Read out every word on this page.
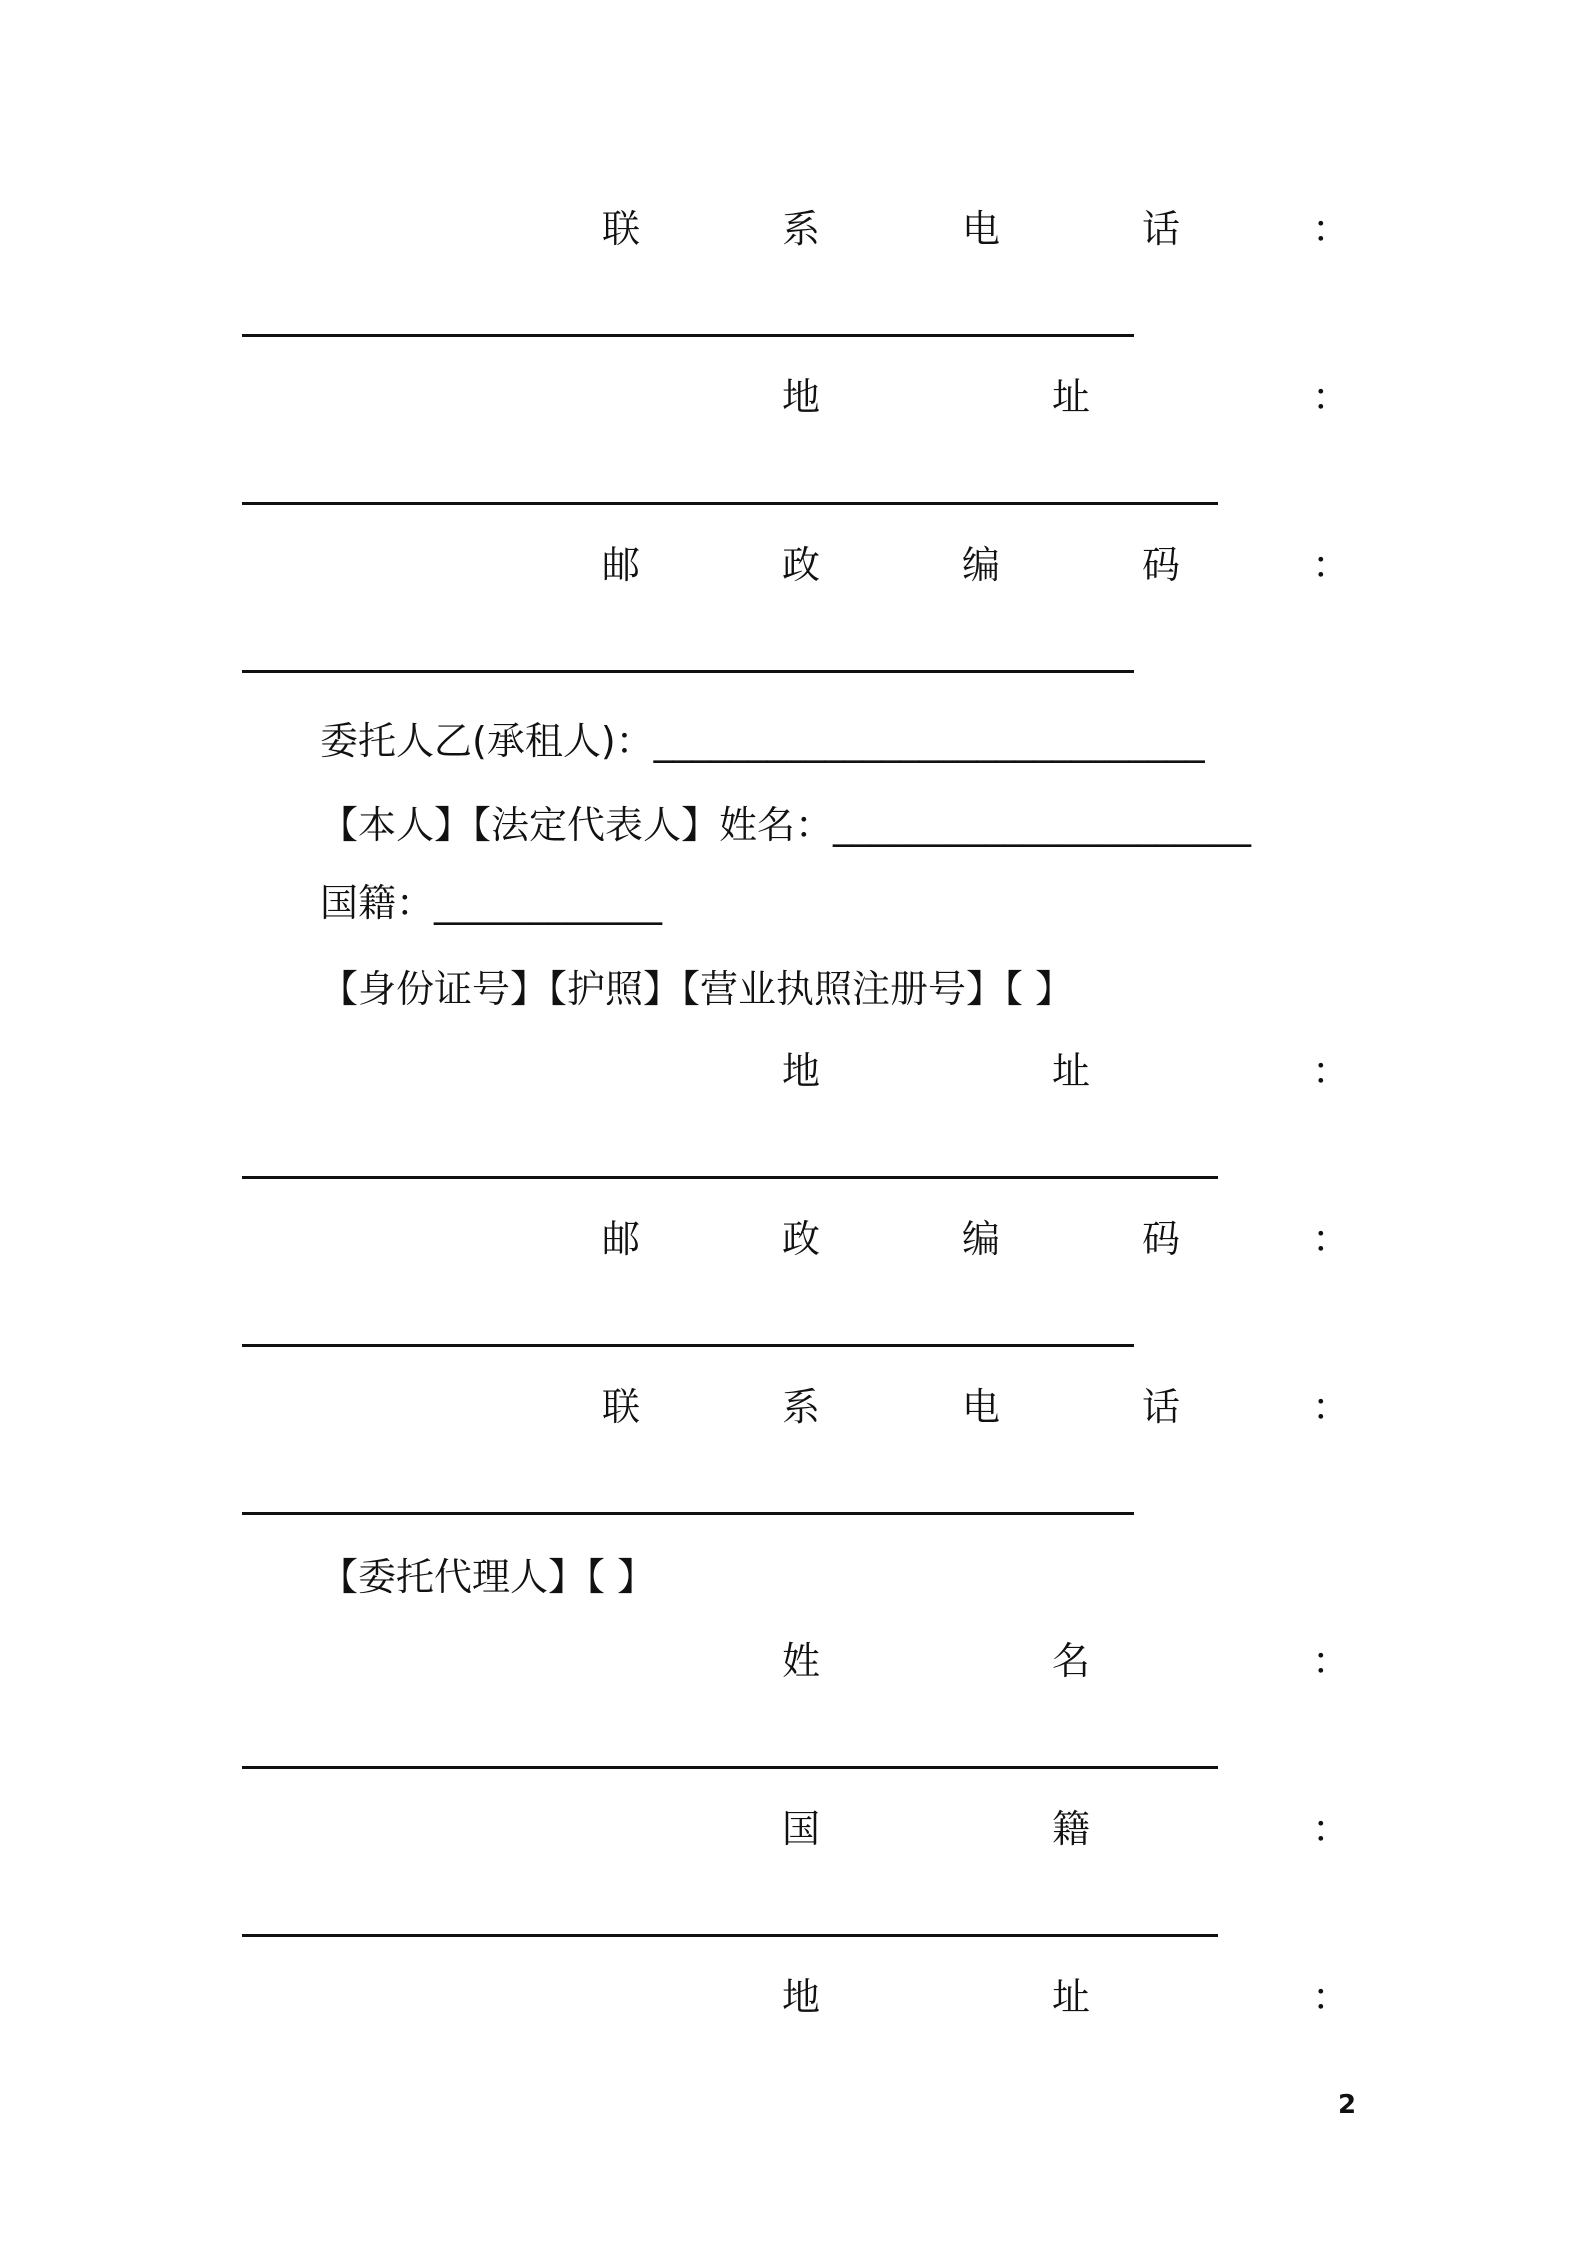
联	系	电	话	：
地	址	：
邮	政	编	码	：
委托人乙(承租人)：_____________________________
【本人】【法定代表人】姓名：______________________
国籍：____________
【身份证号】【护照】【营业执照注册号】【 】
地	址	：
邮	政	编	码	：
联	系	电	话	：
【委托代理人】【 】
姓	名	：
国	籍	：
地	址	：
2
